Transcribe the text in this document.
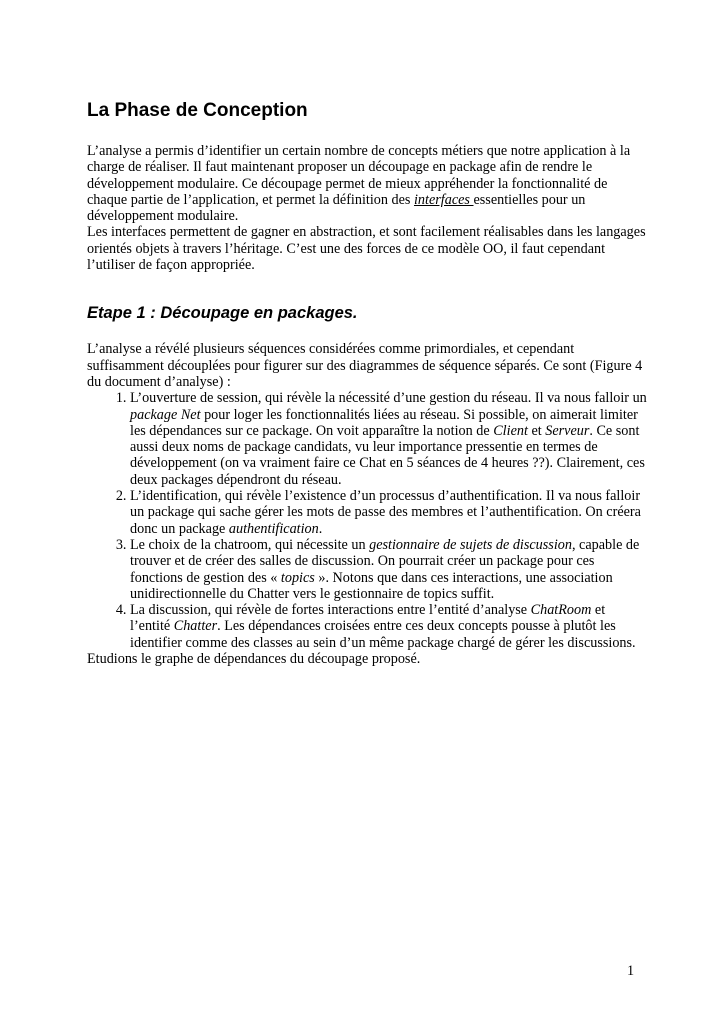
La Phase de Conception

L’analyse a permis d’identifier un certain nombre de concepts métiers que notre application à la charge de réaliser. Il faut maintenant proposer un découpage en package afin de rendre le développement modulaire. Ce découpage permet de mieux appréhender la fonctionnalité de chaque partie de l’application, et permet la définition des interfaces essentielles pour un développement modulaire.

Les interfaces permettent de gagner en abstraction, et sont facilement réalisables dans les langages orientés objets à travers l’héritage. C’est une des forces de ce modèle OO, il faut cependant l’utiliser de façon appropriée.

Etape 1 : Découpage en packages.

L’analyse a révélé plusieurs séquences considérées comme primordiales, et cependant suffisamment découplées pour figurer sur des diagrammes de séquence séparés. Ce sont (Figure 4 du document d’analyse) :

1. L’ouverture de session, qui révèle la nécessité d’une gestion du réseau. Il va nous falloir un package Net pour loger les fonctionnalités liées au réseau. Si possible, on aimerait limiter les dépendances sur ce package. On voit apparaître la notion de Client et Serveur. Ce sont aussi deux noms de package candidats, vu leur importance pressentie en termes de développement (on va vraiment faire ce Chat en 5 séances de 4 heures ??). Clairement, ces deux packages dépendront du réseau.
2. L’identification, qui révèle l’existence d’un processus d’authentification. Il va nous falloir un package qui sache gérer les mots de passe des membres et l’authentification. On créera donc un package authentification.
3. Le choix de la chatroom, qui nécessite un gestionnaire de sujets de discussion, capable de trouver et de créer des salles de discussion. On pourrait créer un package pour ces fonctions de gestion des « topics ». Notons que dans ces interactions, une association unidirectionnelle du Chatter vers le gestionnaire de topics suffit.
4. La discussion, qui révèle de fortes interactions entre l’entité d’analyse ChatRoom et l’entité Chatter. Les dépendances croisées entre ces deux concepts pousse à plutôt les identifier comme des classes au sein d’un même package chargé de gérer les discussions.

Etudions le graphe de dépendances du découpage proposé.

1
